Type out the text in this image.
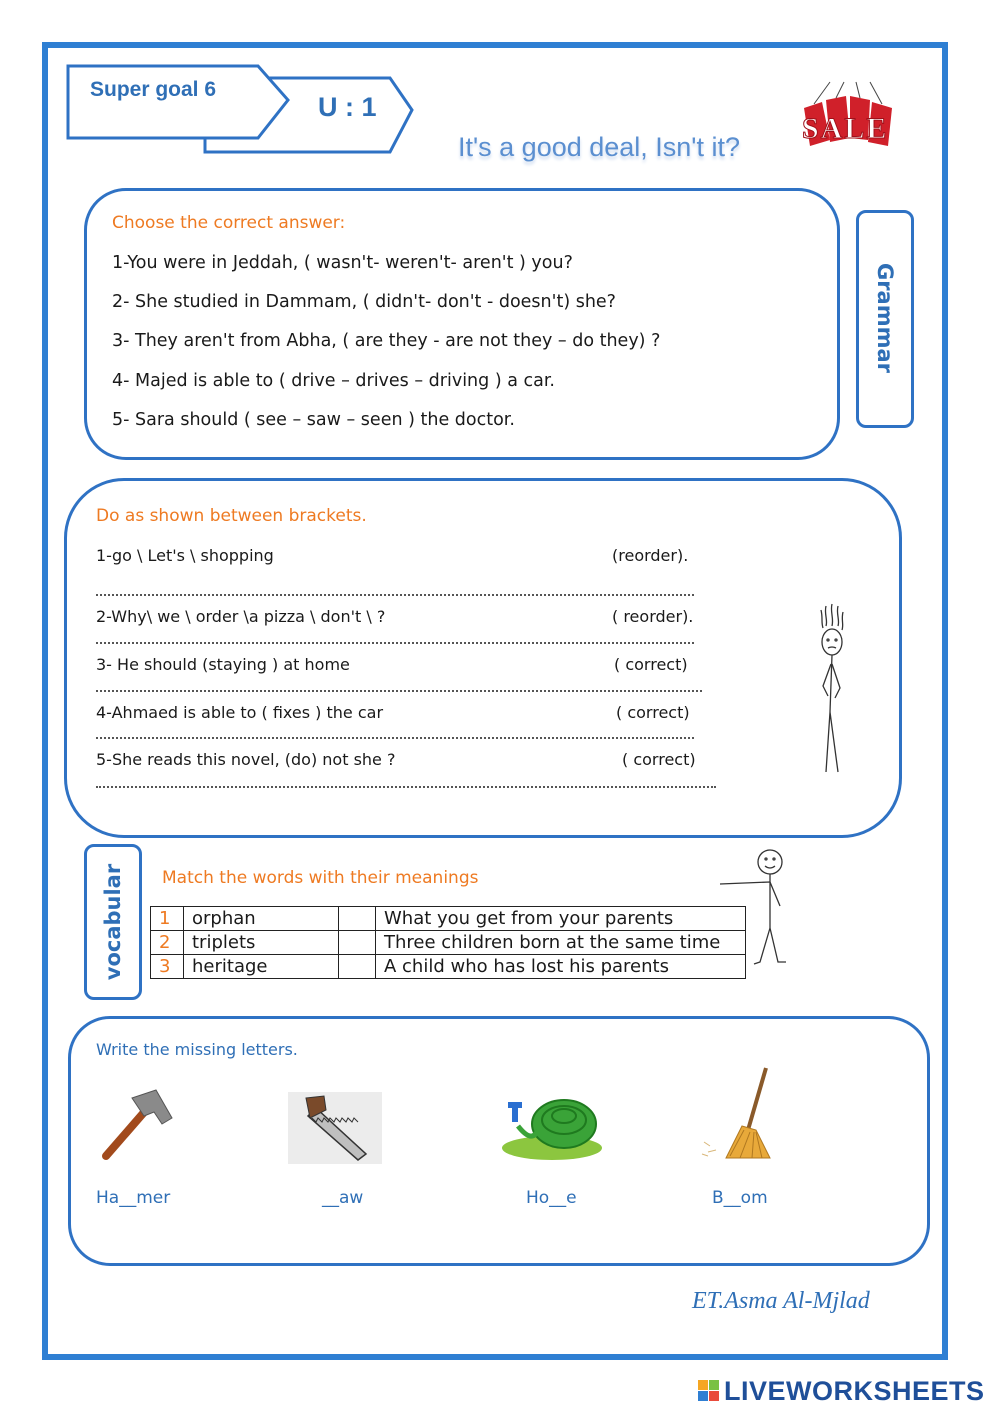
Super goal 6
U : 1
It's a good deal, Isn't it?
SALE
Grammar
Choose the correct answer:
1-You were in Jeddah, ( wasn't- weren't- aren't ) you?
2- She studied in Dammam, ( didn't- don't - doesn't) she?
3- They aren't from Abha, ( are they - are not they – do they) ?
4- Majed is able to ( drive – drives – driving ) a car.
5- Sara should ( see – saw – seen ) the doctor.
Do as shown between brackets.
1-go \ Let's \ shopping	(reorder).
2-Why\ we \ order \a pizza \ don't \ ?	( reorder).
3- He should (staying ) at home	( correct)
4-Ahmaed is able to ( fixes ) the car	( correct)
5-She reads this novel, (do) not she ?	( correct)
vocabular Match the words with their meanings
1	orphan		What you get from your parents
2	triplets		Three children born at the same time
3	heritage		A child who has lost his parents
Write the missing letters.
Ha__mer	__aw	Ho__e	B__om
ET.Asma Al-Mjlad
LIVEWORKSHEETS
